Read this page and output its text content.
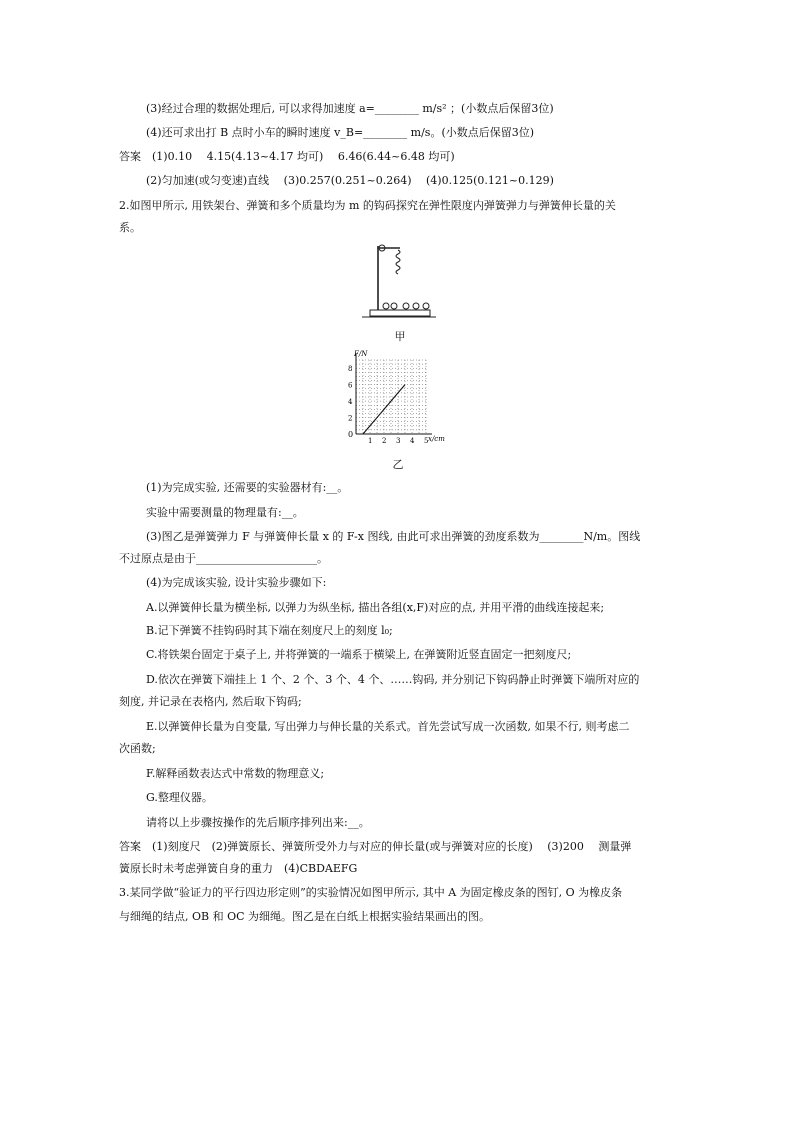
(3)经过合理的数据处理后, 可以求得加速度 a=________ m/s² ；(小数点后保留3位)
(4)还可求出打 B 点时小车的瞬时速度 v_B=________ m/s。(小数点后保留3位)
答案　(1)0.10　 4.15(4.13~4.17 均可)　 6.46(6.44~6.48 均可)
(2)匀加速(或匀变速)直线　 (3)0.257(0.251~0.264)　 (4)0.125(0.121~0.129)
2.如图甲所示, 用铁架台、弹簧和多个质量均为 m 的钩码探究在弹性限度内弹簧弹力与弹簧伸长量的关
系。
甲
x/cm
F/N
0
1 2 3 4 5
2
4
6
8
乙
(1)为完成实验, 还需要的实验器材有:__。
实验中需要测量的物理量有:__。
(3)图乙是弹簧弹力 F 与弹簧伸长量 x 的 F-x 图线, 由此可求出弹簧的劲度系数为________N/m。图线
不过原点是由于______________________。
(4)为完成该实验, 设计实验步骤如下:
A.以弹簧伸长量为横坐标, 以弹力为纵坐标, 描出各组(x,F)对应的点, 并用平滑的曲线连接起来;
B.记下弹簧不挂钩码时其下端在刻度尺上的刻度 l₀;
C.将铁架台固定于桌子上, 并将弹簧的一端系于横梁上, 在弹簧附近竖直固定一把刻度尺;
D.依次在弹簧下端挂上 1 个、2 个、3 个、4 个、……钩码, 并分别记下钩码静止时弹簧下端所对应的
刻度, 并记录在表格内, 然后取下钩码;
E.以弹簧伸长量为自变量, 写出弹力与伸长量的关系式。首先尝试写成一次函数, 如果不行, 则考虑二
次函数;
F.解释函数表达式中常数的物理意义;
G.整理仪器。
请将以上步骤按操作的先后顺序排列出来:__。
答案　(1)刻度尺　(2)弹簧原长、弹簧所受外力与对应的伸长量(或与弹簧对应的长度)　 (3)200　 测量弹
簧原长时未考虑弹簧自身的重力　(4)CBDAEFG
3.某同学做“验证力的平行四边形定则”的实验情况如图甲所示, 其中 A 为固定橡皮条的图钉, O 为橡皮条
与细绳的结点, OB 和 OC 为细绳。图乙是在白纸上根据实验结果画出的图。
